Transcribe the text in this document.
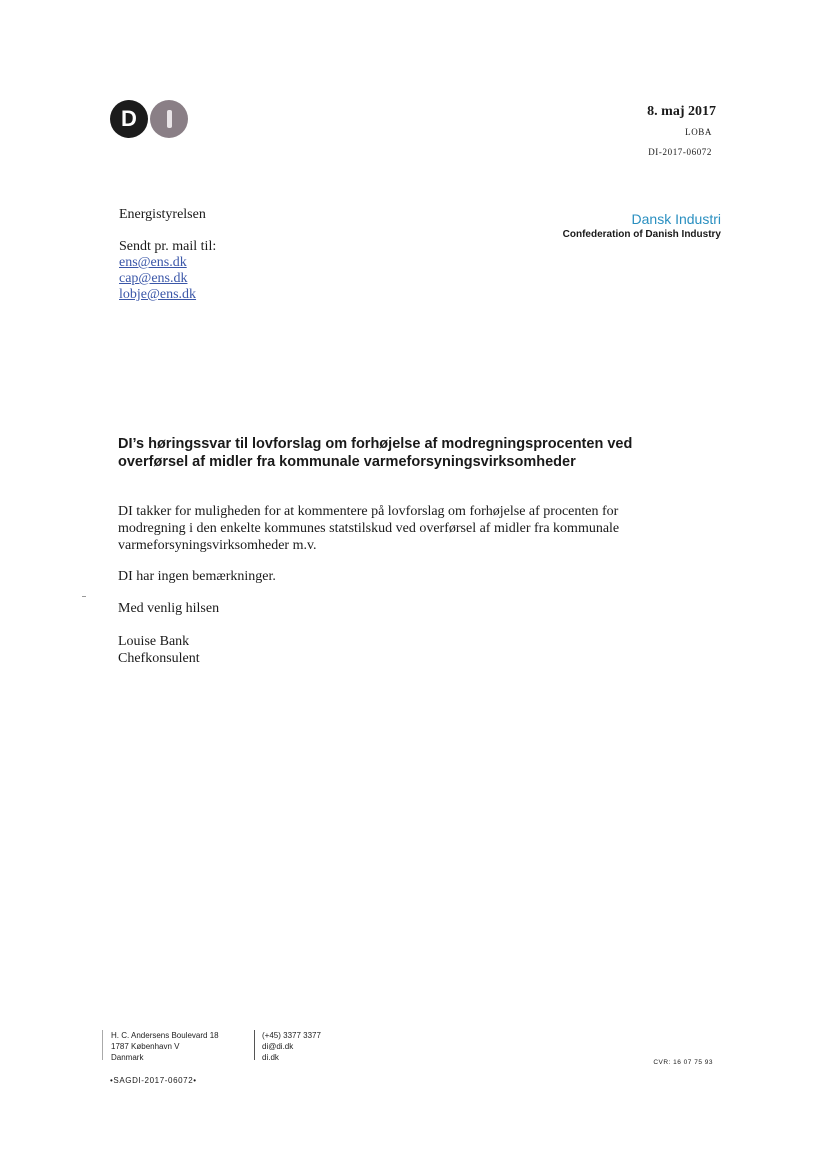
D	8. maj 2017
LOBA
DI-2017-06072
Dansk Industri
Confederation of Danish Industry
Energistyrelsen
Sendt pr. mail til:
ens@ens.dk
cap@ens.dk
lobje@ens.dk
DI’s høringssvar til lovforslag om forhøjelse af modregningsprocenten ved overførsel af midler fra kommunale varmeforsyningsvirksomheder
DI takker for muligheden for at kommentere på lovforslag om forhøjelse af procenten for modregning i den enkelte kommunes statstilskud ved overførsel af midler fra kommunale varmeforsyningsvirksomheder m.v.
DI har ingen bemærkninger.
Med venlig hilsen
Louise Bank
Chefkonsulent
H. C. Andersens Boulevard 18
1787 København V
Danmark
(+45) 3377 3377
di@di.dk
di.dk
CVR: 16 07 75 93
•SAGDI-2017-06072•
